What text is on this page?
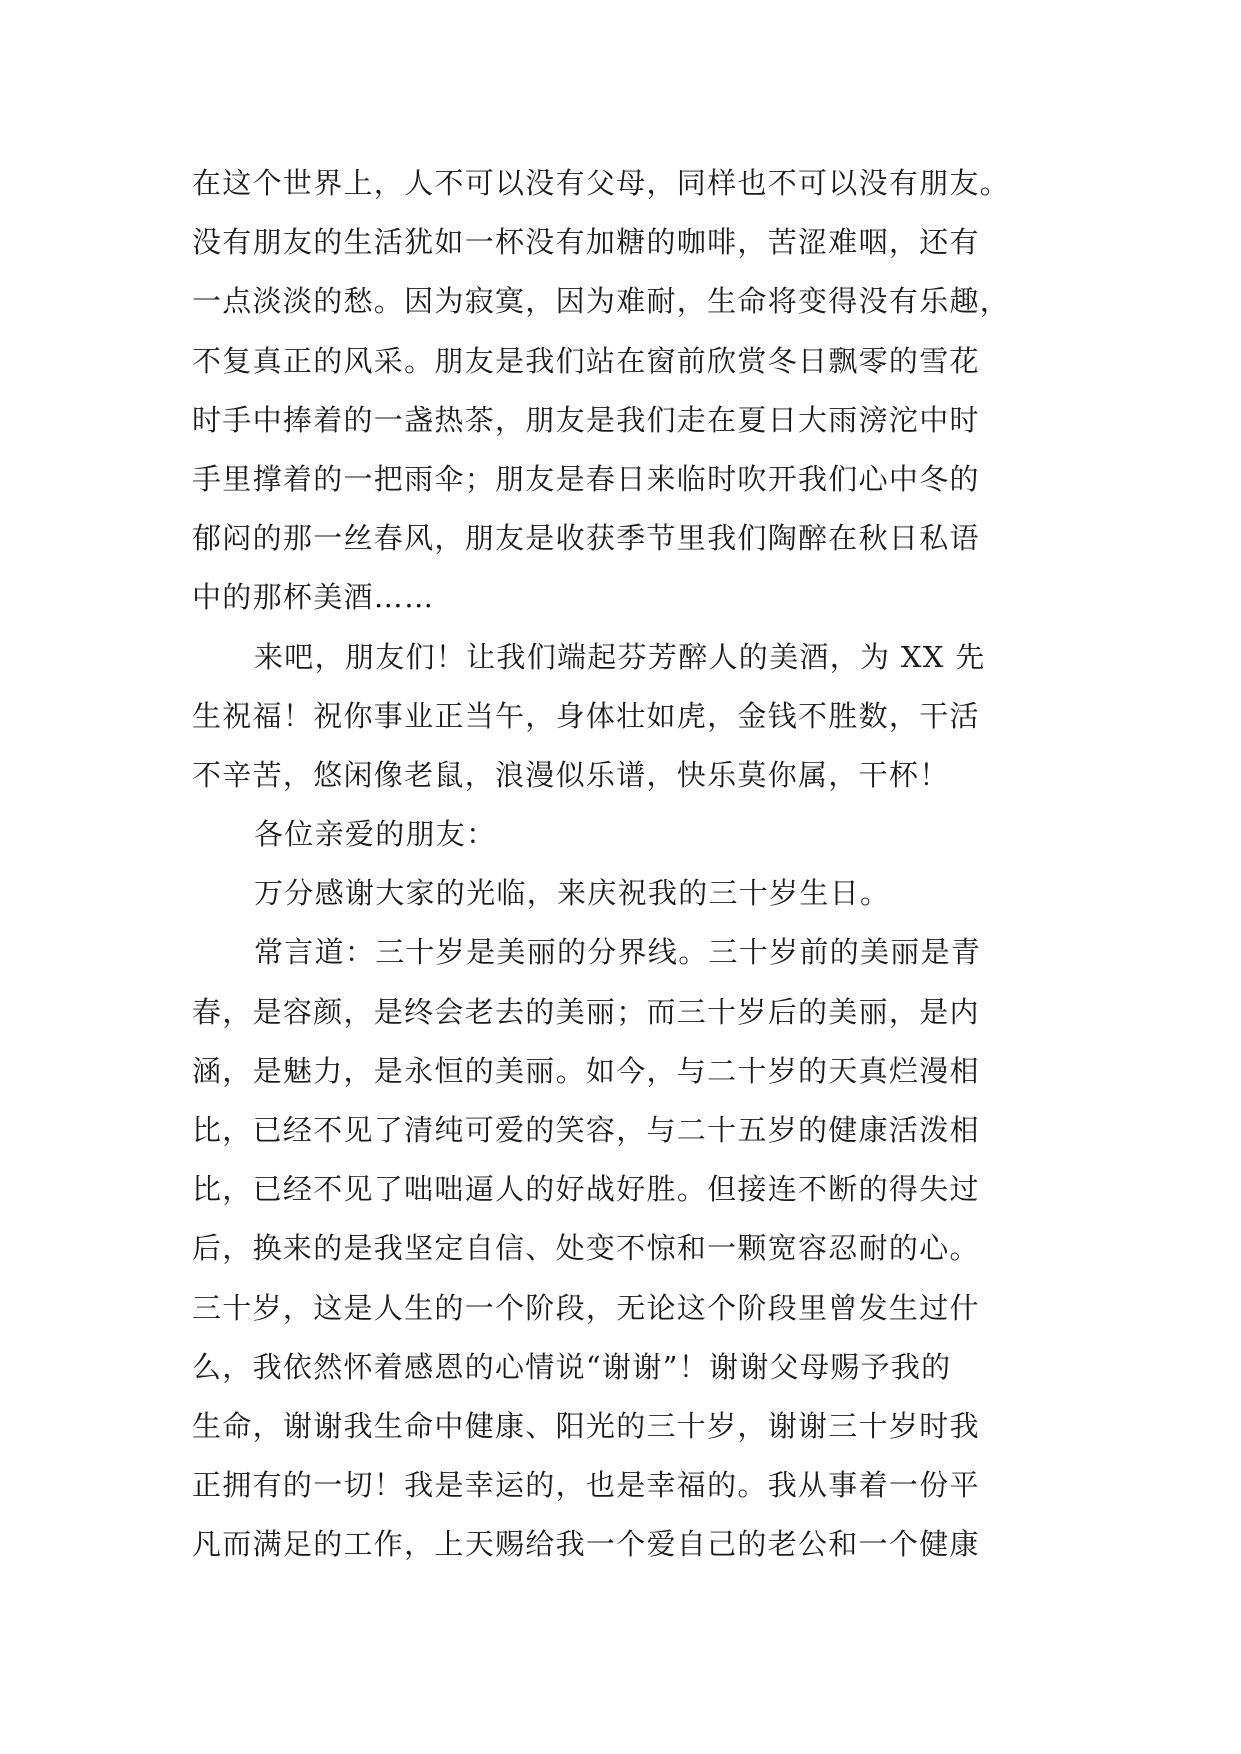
在这个世界上，人不可以没有父母，同样也不可以没有朋友。
没有朋友的生活犹如一杯没有加糖的咖啡，苦涩难咽，还有
一点淡淡的愁。因为寂寞，因为难耐，生命将变得没有乐趣，
不复真正的风采。朋友是我们站在窗前欣赏冬日飘零的雪花
时手中捧着的一盏热茶，朋友是我们走在夏日大雨滂沱中时
手里撑着的一把雨伞；朋友是春日来临时吹开我们心中冬的
郁闷的那一丝春风，朋友是收获季节里我们陶醉在秋日私语
中的那杯美酒……
来吧，朋友们！让我们端起芬芳醉人的美酒，为 XX 先
生祝福！祝你事业正当午，身体壮如虎，金钱不胜数，干活
不辛苦，悠闲像老鼠，浪漫似乐谱，快乐莫你属，干杯！
各位亲爱的朋友：
万分感谢大家的光临，来庆祝我的三十岁生日。
常言道：三十岁是美丽的分界线。三十岁前的美丽是青
春，是容颜，是终会老去的美丽；而三十岁后的美丽，是内
涵，是魅力，是永恒的美丽。如今，与二十岁的天真烂漫相
比，已经不见了清纯可爱的笑容，与二十五岁的健康活泼相
比，已经不见了咄咄逼人的好战好胜。但接连不断的得失过
后，换来的是我坚定自信、处变不惊和一颗宽容忍耐的心。
三十岁，这是人生的一个阶段，无论这个阶段里曾发生过什
么，我依然怀着感恩的心情说“谢谢”！谢谢父母赐予我的
生命，谢谢我生命中健康、阳光的三十岁，谢谢三十岁时我
正拥有的一切！我是幸运的，也是幸福的。我从事着一份平
凡而满足的工作，上天赐给我一个爱自己的老公和一个健康
